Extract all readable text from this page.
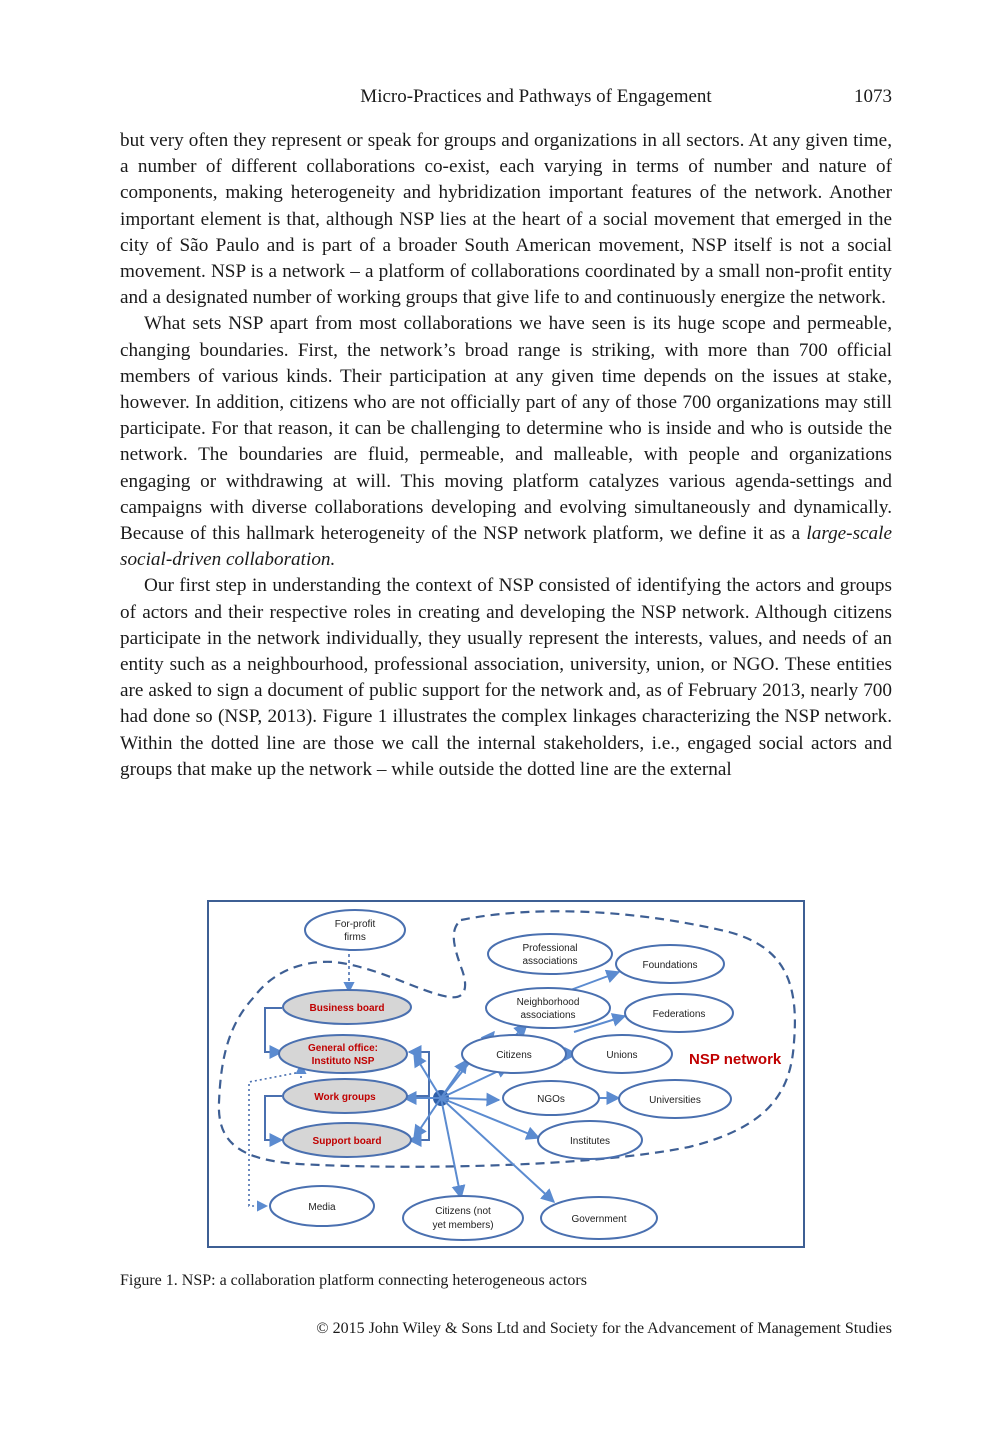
Micro-Practices and Pathways of Engagement	1073

but very often they represent or speak for groups and organizations in all sectors. At any given time, a number of different collaborations co-exist, each varying in terms of number and nature of components, making heterogeneity and hybridization important features of the network. Another important element is that, although NSP lies at the heart of a social movement that emerged in the city of São Paulo and is part of a broader South American movement, NSP itself is not a social movement. NSP is a network – a platform of collaborations coordinated by a small non-profit entity and a designated number of working groups that give life to and continuously energize the network.

What sets NSP apart from most collaborations we have seen is its huge scope and permeable, changing boundaries. First, the network’s broad range is striking, with more than 700 official members of various kinds. Their participation at any given time depends on the issues at stake, however. In addition, citizens who are not officially part of any of those 700 organizations may still participate. For that reason, it can be challenging to determine who is inside and who is outside the network. The boundaries are fluid, permeable, and malleable, with people and organizations engaging or withdrawing at will. This moving platform catalyzes various agenda-settings and campaigns with diverse collaborations developing and evolving simultaneously and dynamically. Because of this hallmark heterogeneity of the NSP network platform, we define it as a large-scale social-driven collaboration.

Our first step in understanding the context of NSP consisted of identifying the actors and groups of actors and their respective roles in creating and developing the NSP network. Although citizens participate in the network individually, they usually represent the interests, values, and needs of an entity such as a neighbourhood, professional association, university, union, or NGO. These entities are asked to sign a document of public support for the network and, as of February 2013, nearly 700 had done so (NSP, 2013). Figure 1 illustrates the complex linkages characterizing the NSP network. Within the dotted line are those we call the internal stakeholders, i.e., engaged social actors and groups that make up the network – while outside the dotted line are the external

NSP network
For-profit
firms
Business board
General office:
Instituto NSP
Work groups
Support board
Professional
associations	Foundations
Neighborhood
associations	Federations
Citizens	Unions
NGOs	Universities
Institutes
Media	Citizens (not
yet members)
Government
Figure 1. NSP: a collaboration platform connecting heterogeneous actors
© 2015 John Wiley & Sons Ltd and Society for the Advancement of Management Studies
